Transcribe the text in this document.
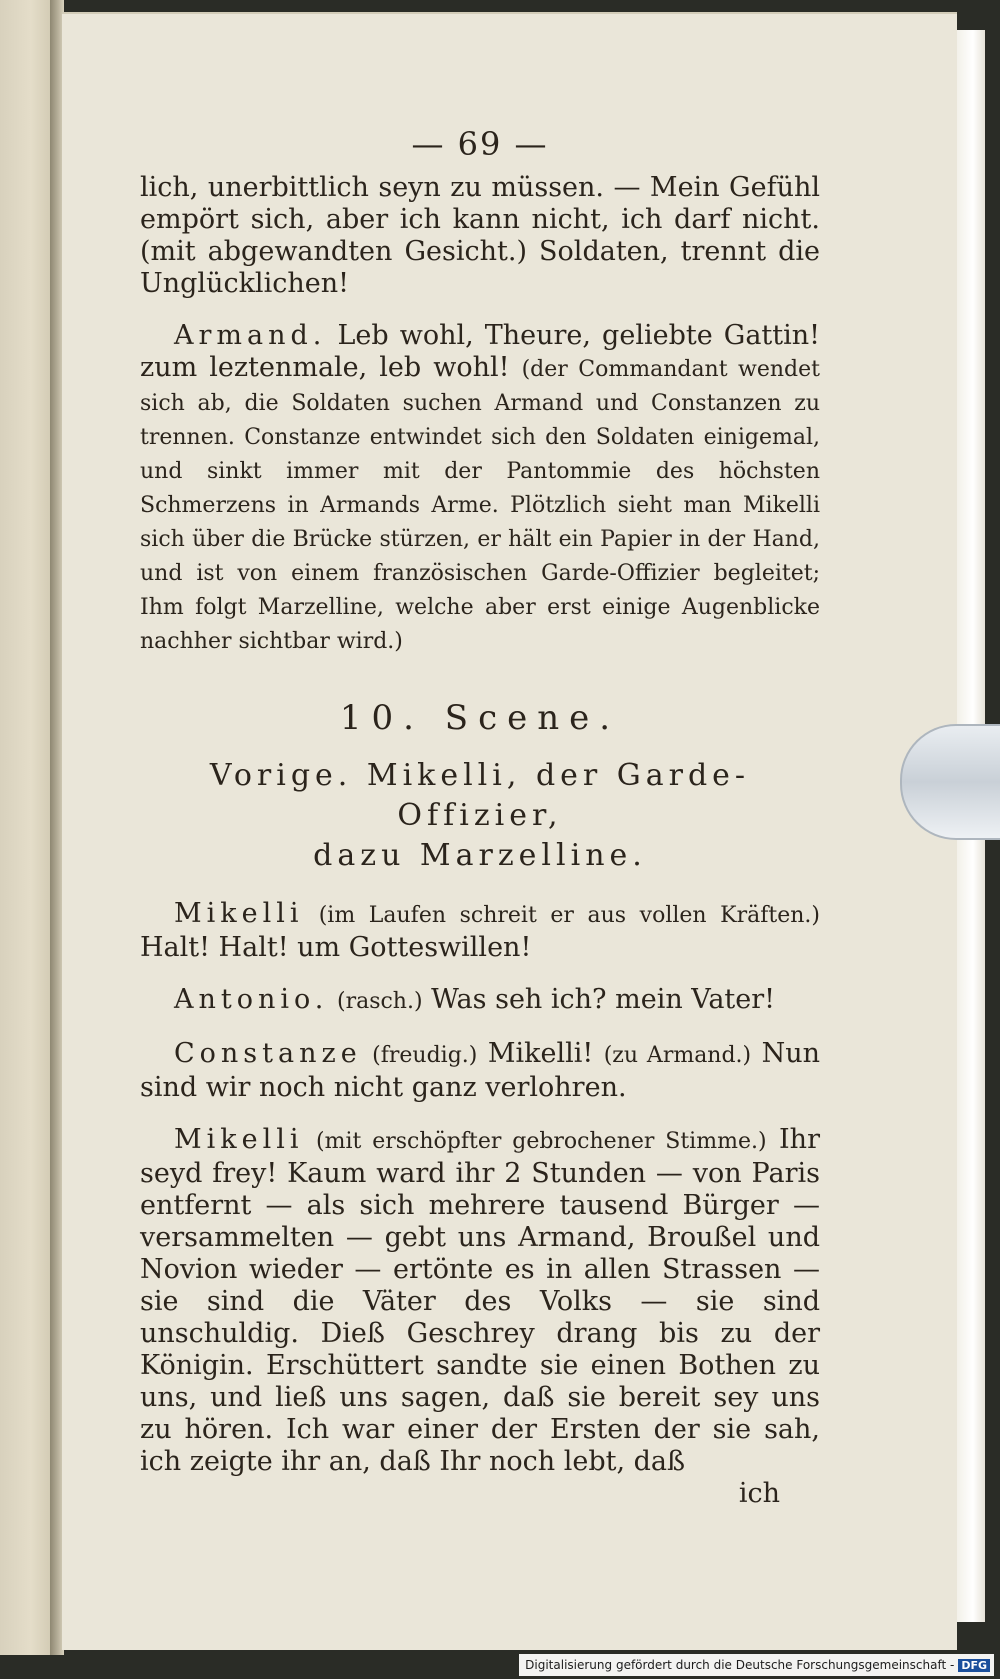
— 69 —

lich, unerbittlich seyn zu müssen. — Mein Gefühl empört sich, aber ich kann nicht, ich darf nicht. (mit abgewandten Gesicht.) Soldaten, trennt die Unglücklichen!

Armand. Leb wohl, Theure, geliebte Gattin! zum leztenmale, leb wohl! (der Commandant wendet sich ab, die Soldaten suchen Armand und Constanzen zu trennen. Constanze entwindet sich den Soldaten einigemal, und sinkt immer mit der Pantommie des höchsten Schmerzens in Armands Arme. Plötzlich sieht man Mikelli sich über die Brücke stürzen, er hält ein Papier in der Hand, und ist von einem französischen Garde-Offizier begleitet; Ihm folgt Marzelline, welche aber erst einige Augenblicke nachher sichtbar wird.)

10. Scene.
Vorige. Mikelli, der Garde-Offizier,
dazu Marzelline.

Mikelli (im Laufen schreit er aus vollen Kräften.) Halt! Halt! um Gotteswillen!

Antonio. (rasch.) Was seh ich? mein Vater!

Constanze (freudig.) Mikelli! (zu Armand.) Nun sind wir noch nicht ganz verlohren.

Mikelli (mit erschöpfter gebrochener Stimme.) Ihr seyd frey! Kaum ward ihr 2 Stunden — von Paris entfernt — als sich mehrere tausend Bürger — versammelten — gebt uns Armand, Broußel und Novion wieder — ertönte es in allen Strassen — sie sind die Väter des Volks — sie sind unschuldig. Dieß Geschrey drang bis zu der Königin. Erschüttert sandte sie einen Bothen zu uns, und ließ uns sagen, daß sie bereit sey uns zu hören. Ich war einer der Ersten der sie sah, ich zeigte ihr an, daß Ihr noch lebt, daß

ich
Digitalisierung gefördert durch die Deutsche Forschungsgemeinschaft - DFG
